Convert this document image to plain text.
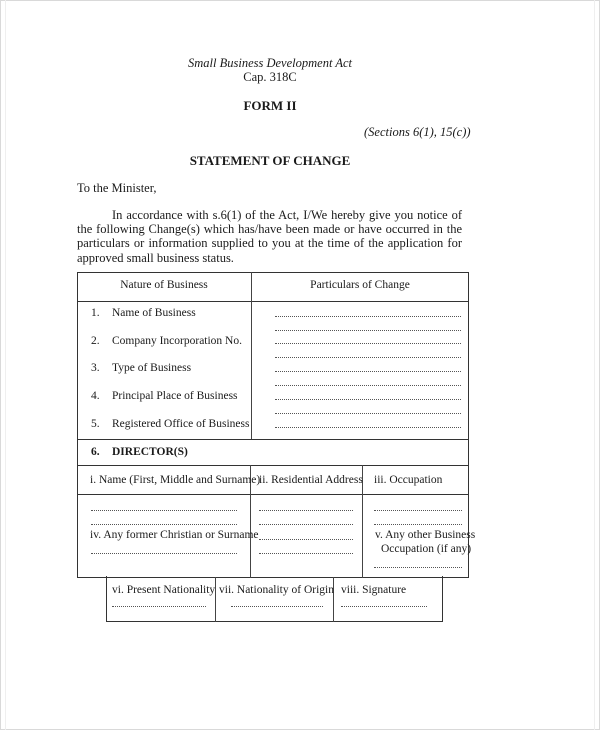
Small Business Development Act
Cap. 318C
FORM II
(Sections 6(1), 15(c))
STATEMENT OF CHANGE
To the Minister,
In accordance with s.6(1) of the Act, I/We hereby give you notice of the following Change(s) which has/have been made or have occurred in the particulars or information supplied to you at the time of the application for approved small business status.
Nature of Business	Particulars of Change
1. Name of Business
2. Company Incorporation No.
3. Type of Business
4. Principal Place of Business
5. Registered Office of Business
6. DIRECTOR(S)
i. Name (First, Middle and Surname)
ii. Residential Address iii. Occupation
iv. Any former Christian or Surname	v. Any other Business
Occupation (if any)
vi. Present Nationality vii. Nationality of Origin viii. Signature
